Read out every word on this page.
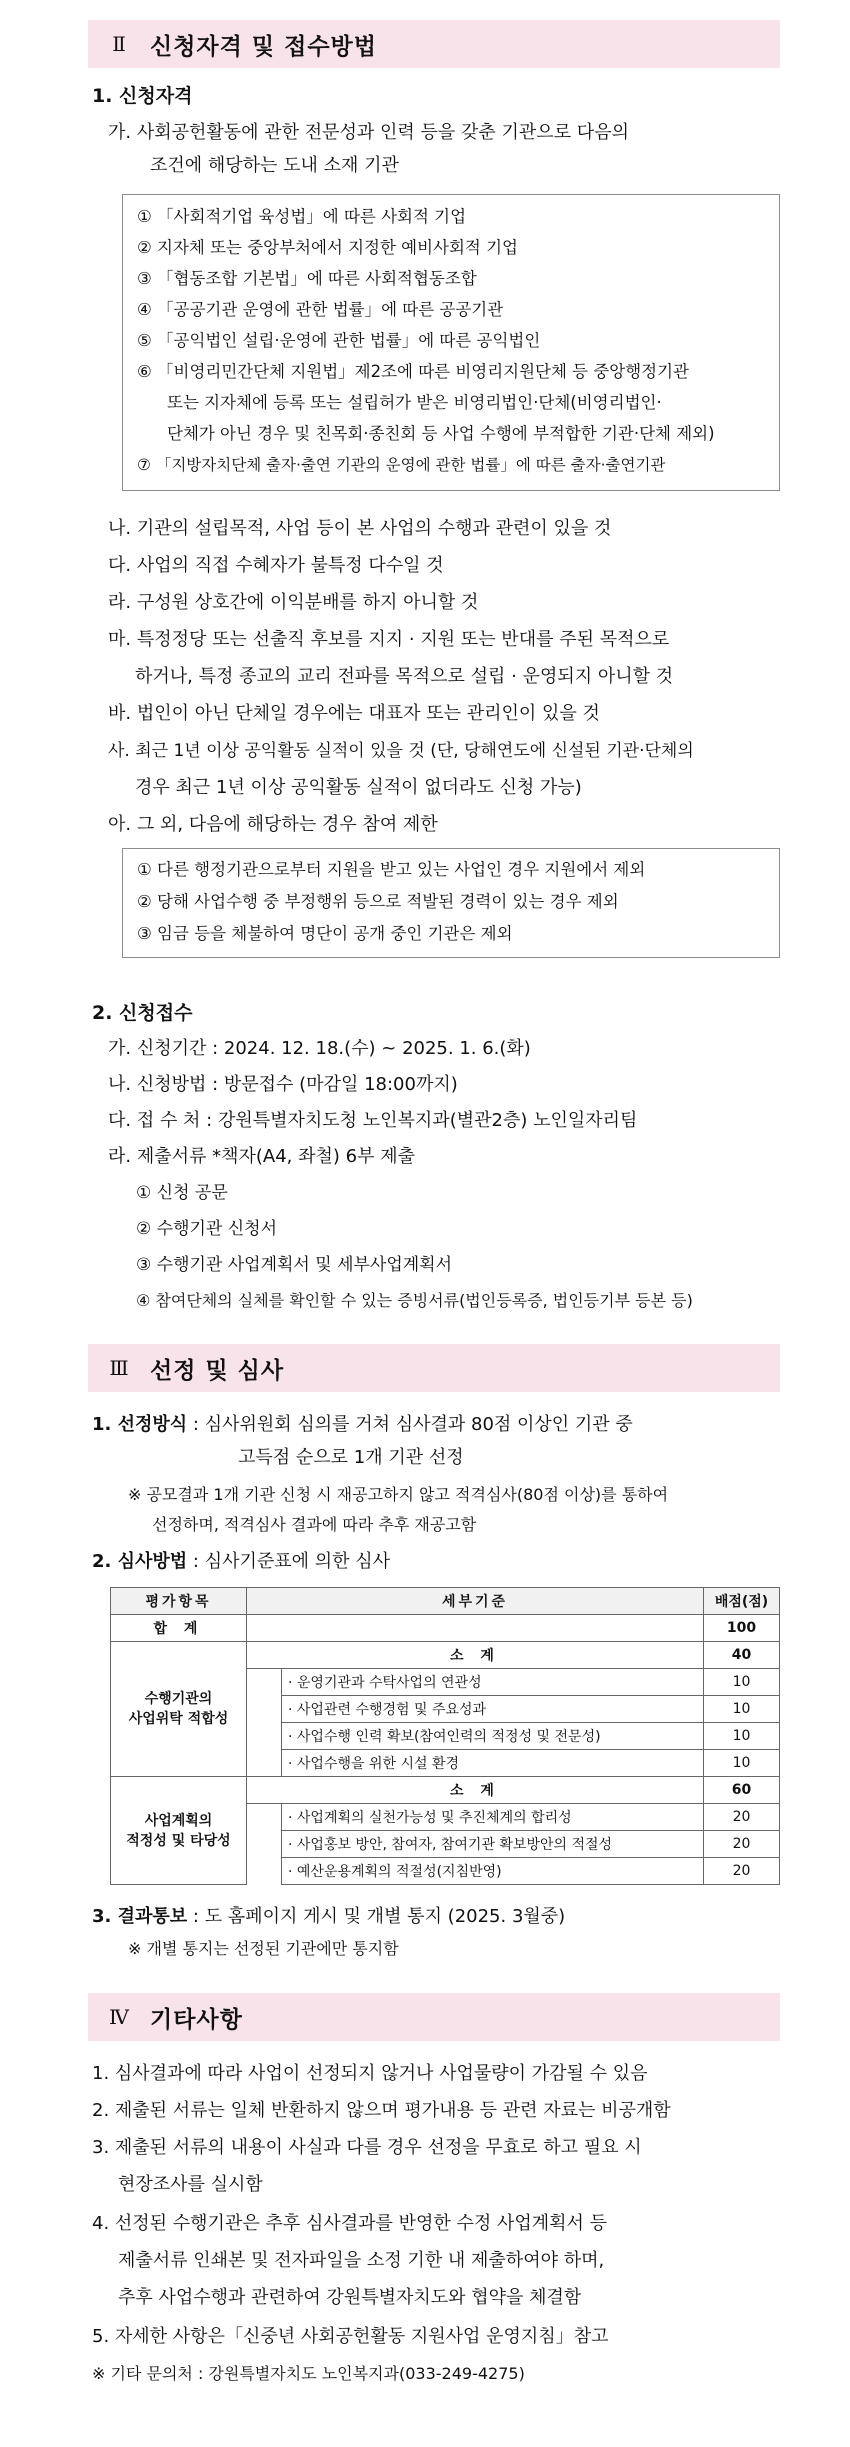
Ⅱ	신청자격 및 접수방법
1. 신청자격
가. 사회공헌활동에 관한 전문성과 인력 등을 갖춘 기관으로 다음의
조건에 해당하는 도내 소재 기관
① 「사회적기업 육성법」에 따른 사회적 기업
② 지자체 또는 중앙부처에서 지정한 예비사회적 기업
③ 「협동조합 기본법」에 따른 사회적협동조합
④ 「공공기관 운영에 관한 법률」에 따른 공공기관
⑤ 「공익법인 설립·운영에 관한 법률」에 따른 공익법인
⑥ 「비영리민간단체 지원법」제2조에 따른 비영리지원단체 등 중앙행정기관
또는 지자체에 등록 또는 설립허가 받은 비영리법인·단체(비영리법인·
단체가 아닌 경우 및 친목회·종친회 등 사업 수행에 부적합한 기관·단체 제외)
⑦ 「지방자치단체 출자·출연 기관의 운영에 관한 법률」에 따른 출자·출연기관
나. 기관의 설립목적, 사업 등이 본 사업의 수행과 관련이 있을 것
다. 사업의 직접 수혜자가 불특정 다수일 것
라. 구성원 상호간에 이익분배를 하지 아니할 것
마. 특정정당 또는 선출직 후보를 지지 · 지원 또는 반대를 주된 목적으로
하거나, 특정 종교의 교리 전파를 목적으로 설립 · 운영되지 아니할 것
바. 법인이 아닌 단체일 경우에는 대표자 또는 관리인이 있을 것
사. 최근 1년 이상 공익활동 실적이 있을 것 (단, 당해연도에 신설된 기관·단체의
경우 최근 1년 이상 공익활동 실적이 없더라도 신청 가능)
아. 그 외, 다음에 해당하는 경우 참여 제한
① 다른 행정기관으로부터 지원을 받고 있는 사업인 경우 지원에서 제외
② 당해 사업수행 중 부정행위 등으로 적발된 경력이 있는 경우 제외
③ 임금 등을 체불하여 명단이 공개 중인 기관은 제외
2. 신청접수
가. 신청기간 : 2024. 12. 18.(수) ~ 2025. 1. 6.(화)
나. 신청방법 : 방문접수 (마감일 18:00까지)
다. 접 수 처 : 강원특별자치도청 노인복지과(별관2층) 노인일자리팀
라. 제출서류 *책자(A4, 좌철) 6부 제출
① 신청 공문
② 수행기관 신청서
③ 수행기관 사업계획서 및 세부사업계획서
④ 참여단체의 실체를 확인할 수 있는 증빙서류(법인등록증, 법인등기부 등본 등)
Ⅲ 선정 및 심사
1. 선정방식 : 심사위원회 심의를 거쳐 심사결과 80점 이상인 기관 중
고득점 순으로 1개 기관 선정
※ 공모결과 1개 기관 신청 시 재공고하지 않고 적격심사(80점 이상)를 통하여
선정하며, 적격심사 결과에 따라 추후 재공고함
2. 심사방법 : 심사기준표에 의한 심사
평가항목	세부기준		배점(점)
합 계			100

수행기관의
사업위탁 적합성	소 계		40
		· 운영기관과 수탁사업의 연관성	10
		· 사업관련 수행경험 및 주요성과	10
		· 사업수행 인력 확보(참여인력의 적정성 및 전문성)	10
		· 사업수행을 위한 시설 환경	10

사업계획의
적정성 및 타당성	소 계		60
		· 사업계획의 실천가능성 및 추진체계의 합리성	20
		· 사업홍보 방안, 참여자, 참여기관 확보방안의 적절성	20
		· 예산운용계획의 적절성(지침반영)	20
3. 결과통보 : 도 홈페이지 게시 및 개별 통지 (2025. 3월중)
※ 개별 통지는 선정된 기관에만 통지함
Ⅳ 기타사항
1. 심사결과에 따라 사업이 선정되지 않거나 사업물량이 가감될 수 있음
2. 제출된 서류는 일체 반환하지 않으며 평가내용 등 관련 자료는 비공개함
3. 제출된 서류의 내용이 사실과 다를 경우 선정을 무효로 하고 필요 시
현장조사를 실시함
4. 선정된 수행기관은 추후 심사결과를 반영한 수정 사업계획서 등
제출서류 인쇄본 및 전자파일을 소정 기한 내 제출하여야 하며,
추후 사업수행과 관련하여 강원특별자치도와 협약을 체결함
5. 자세한 사항은「신중년 사회공헌활동 지원사업 운영지침」참고
※ 기타 문의처 : 강원특별자치도 노인복지과(033-249-4275)
